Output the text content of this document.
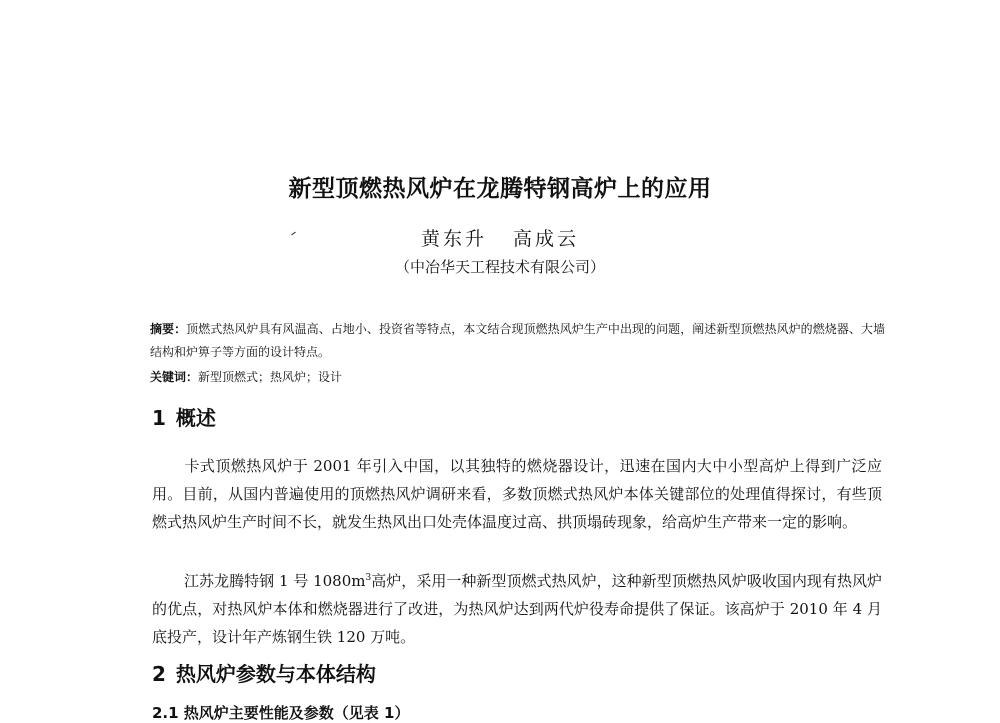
新型顶燃热风炉在龙腾特钢高炉上的应用
黄东升 高成云
（中冶华天工程技术有限公司）
摘要：顶燃式热风炉具有风温高、占地小、投资省等特点，本文结合现顶燃热风炉生产中出现的问题，阐述新型顶燃热风炉的燃烧器、大墙结构和炉箅子等方面的设计特点。
关键词：新型顶燃式；热风炉；设计
1 概述
卡式顶燃热风炉于 2001 年引入中国，以其独特的燃烧器设计，迅速在国内大中小型高炉上得到广泛应用。目前，从国内普遍使用的顶燃热风炉调研来看，多数顶燃式热风炉本体关键部位的处理值得探讨，有些顶燃式热风炉生产时间不长，就发生热风出口处壳体温度过高、拱顶塌砖现象，给高炉生产带来一定的影响。
江苏龙腾特钢 1 号 $1080m^3$高炉，采用一种新型顶燃式热风炉，这种新型顶燃热风炉吸收国内现有热风炉的优点，对热风炉本体和燃烧器进行了改进，为热风炉达到两代炉役寿命提供了保证。该高炉于 2010 年 4 月底投产，设计年产炼钢生铁 120 万吨。
2 热风炉参数与本体结构
2.1 热风炉主要性能及参数（见表 1）
